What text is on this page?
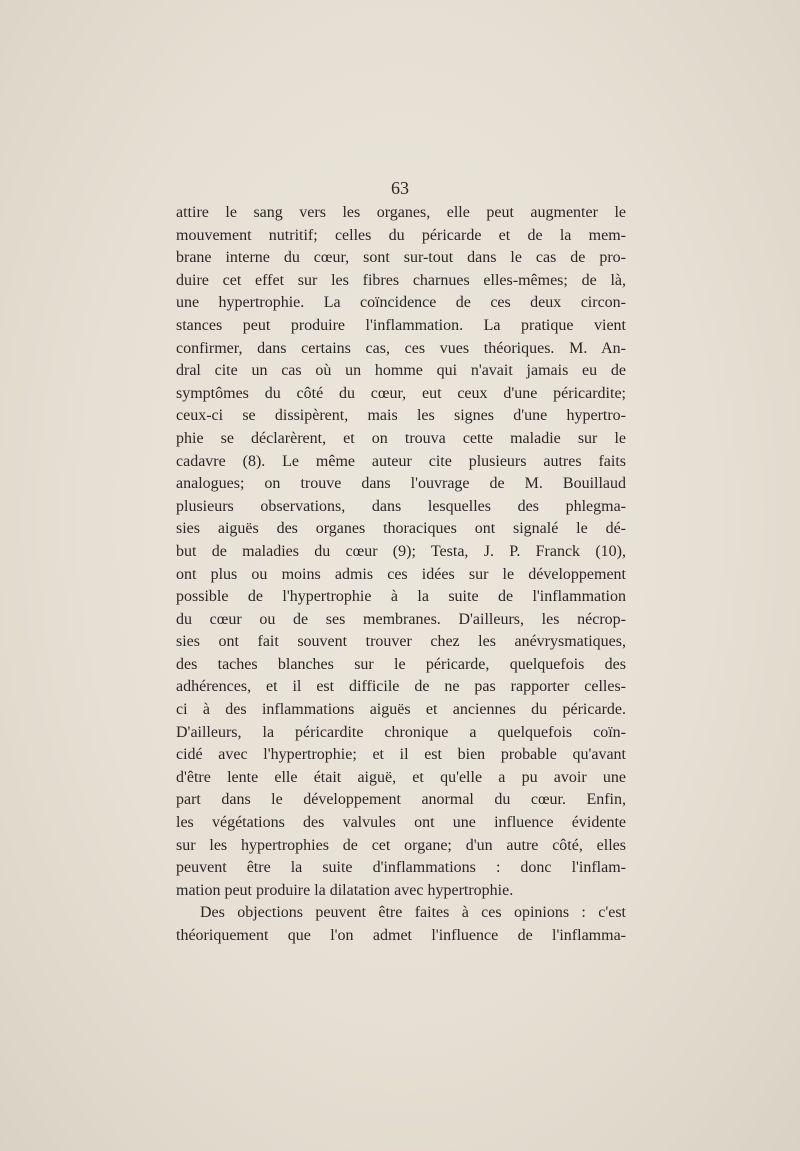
63
attire le sang vers les organes, elle peut augmenter le
mouvement nutritif; celles du péricarde et de la mem-
brane interne du cœur, sont sur-tout dans le cas de pro-
duire cet effet sur les fibres charnues elles-mêmes; de là,
une hypertrophie. La coïncidence de ces deux circon-
stances peut produire l'inflammation. La pratique vient
confirmer, dans certains cas, ces vues théoriques. M. An-
dral cite un cas où un homme qui n'avait jamais eu de
symptômes du côté du cœur, eut ceux d'une péricardite;
ceux-ci se dissipèrent, mais les signes d'une hypertro-
phie se déclarèrent, et on trouva cette maladie sur le
cadavre (8). Le même auteur cite plusieurs autres faits
analogues; on trouve dans l'ouvrage de M. Bouillaud
plusieurs observations, dans lesquelles des phlegma-
sies aiguës des organes thoraciques ont signalé le dé-
but de maladies du cœur (9); Testa, J. P. Franck (10),
ont plus ou moins admis ces idées sur le développement
possible de l'hypertrophie à la suite de l'inflammation
du cœur ou de ses membranes. D'ailleurs, les nécrop-
sies ont fait souvent trouver chez les anévrysmatiques,
des taches blanches sur le péricarde, quelquefois des
adhérences, et il est difficile de ne pas rapporter celles-
ci à des inflammations aiguës et anciennes du péricarde.
D'ailleurs, la péricardite chronique a quelquefois coïn-
cidé avec l'hypertrophie; et il est bien probable qu'avant
d'être lente elle était aiguë, et qu'elle a pu avoir une
part dans le développement anormal du cœur. Enfin,
les végétations des valvules ont une influence évidente
sur les hypertrophies de cet organe; d'un autre côté, elles
peuvent être la suite d'inflammations : donc l'inflam-
mation peut produire la dilatation avec hypertrophie.
Des objections peuvent être faites à ces opinions : c'est
théoriquement que l'on admet l'influence de l'inflamma-
